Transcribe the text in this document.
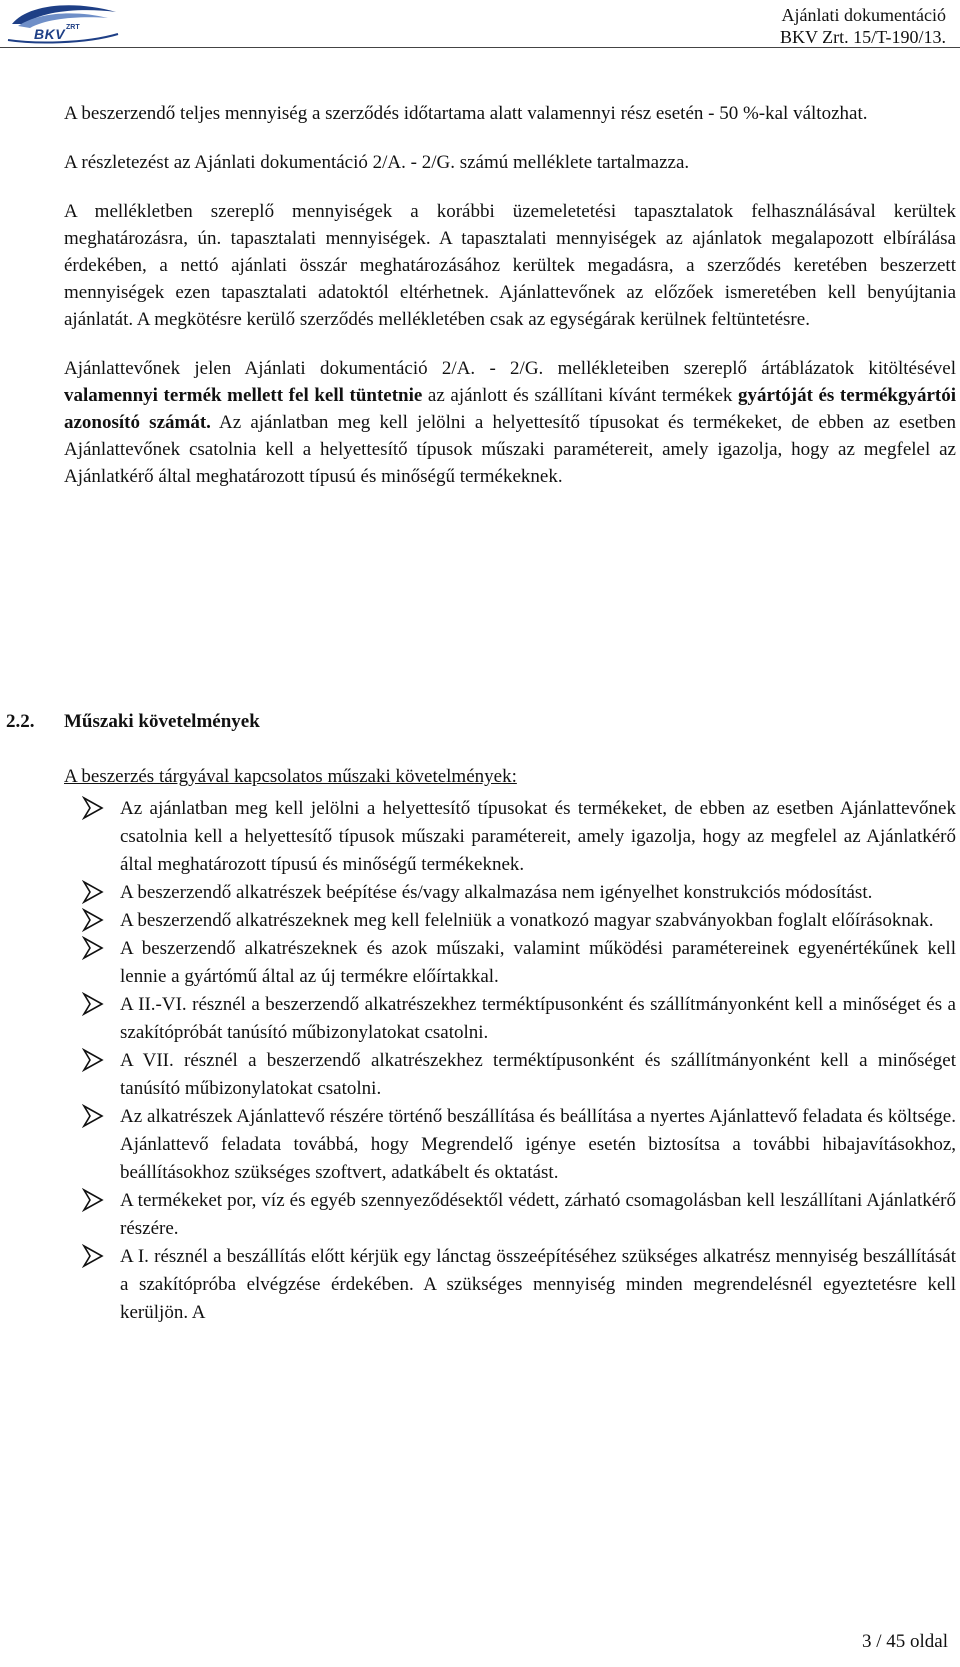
BKV ZRT
Ajánlati dokumentáció
BKV Zrt. 15/T-190/13.

A beszerzendő teljes mennyiség a szerződés időtartama alatt valamennyi rész esetén - 50 %-kal változhat.

A részletezést az Ajánlati dokumentáció 2/A. - 2/G. számú melléklete tartalmazza.

A mellékletben szereplő mennyiségek a korábbi üzemeletetési tapasztalatok felhasználásával kerültek meghatározásra, ún. tapasztalati mennyiségek. A tapasztalati mennyiségek az ajánlatok megalapozott elbírálása érdekében, a nettó ajánlati összár meghatározásához kerültek megadásra, a szerződés keretében beszerzett mennyiségek ezen tapasztalati adatoktól eltérhetnek. Ajánlattevőnek az előzőek ismeretében kell benyújtania ajánlatát. A megkötésre kerülő szerződés mellékletében csak az egységárak kerülnek feltüntetésre.

Ajánlattevőnek jelen Ajánlati dokumentáció 2/A. - 2/G. mellékleteiben szereplő ártáblázatok kitöltésével valamennyi termék mellett fel kell tüntetnie az ajánlott és szállítani kívánt termékek gyártóját és termékgyártói azonosító számát. Az ajánlatban meg kell jelölni a helyettesítő típusokat és termékeket, de ebben az esetben Ajánlattevőnek csatolnia kell a helyettesítő típusok műszaki paramétereit, amely igazolja, hogy az megfelel az Ajánlatkérő által meghatározott típusú és minőségű termékeknek.

2.2. Műszaki követelmények
A beszerzés tárgyával kapcsolatos műszaki követelmények:
Az ajánlatban meg kell jelölni a helyettesítő típusokat és termékeket, de ebben az esetben Ajánlattevőnek csatolnia kell a helyettesítő típusok műszaki paramétereit, amely igazolja, hogy az megfelel az Ajánlatkérő által meghatározott típusú és minőségű termékeknek.
A beszerzendő alkatrészek beépítése és/vagy alkalmazása nem igényelhet konstrukciós módosítást.
A beszerzendő alkatrészeknek meg kell felelniük a vonatkozó magyar szabványokban foglalt előírásoknak.
A beszerzendő alkatrészeknek és azok műszaki, valamint működési paramétereinek egyenértékűnek kell lennie a gyártómű által az új termékre előírtakkal.
A II.-VI. résznél a beszerzendő alkatrészekhez terméktípusonként és szállítmányonként kell a minőséget és a szakítópróbát tanúsító műbizonylatokat csatolni.
A VII. résznél a beszerzendő alkatrészekhez terméktípusonként és szállítmányonként kell a minőséget tanúsító műbizonylatokat csatolni.
Az alkatrészek Ajánlattevő részére történő beszállítása és beállítása a nyertes Ajánlattevő feladata és költsége. Ajánlattevő feladata továbbá, hogy Megrendelő igénye esetén biztosítsa a további hibajavításokhoz, beállításokhoz szükséges szoftvert, adatkábelt és oktatást.
A termékeket por, víz és egyéb szennyeződésektől védett, zárható csomagolásban kell leszállítani Ajánlatkérő részére.
A I. résznél a beszállítás előtt kérjük egy lánctag összeépítéséhez szükséges alkatrész mennyiség beszállítását a szakítópróba elvégzése érdekében. A szükséges mennyiség minden megrendelésnél egyeztetésre kell kerüljön. A
3 / 45 oldal
